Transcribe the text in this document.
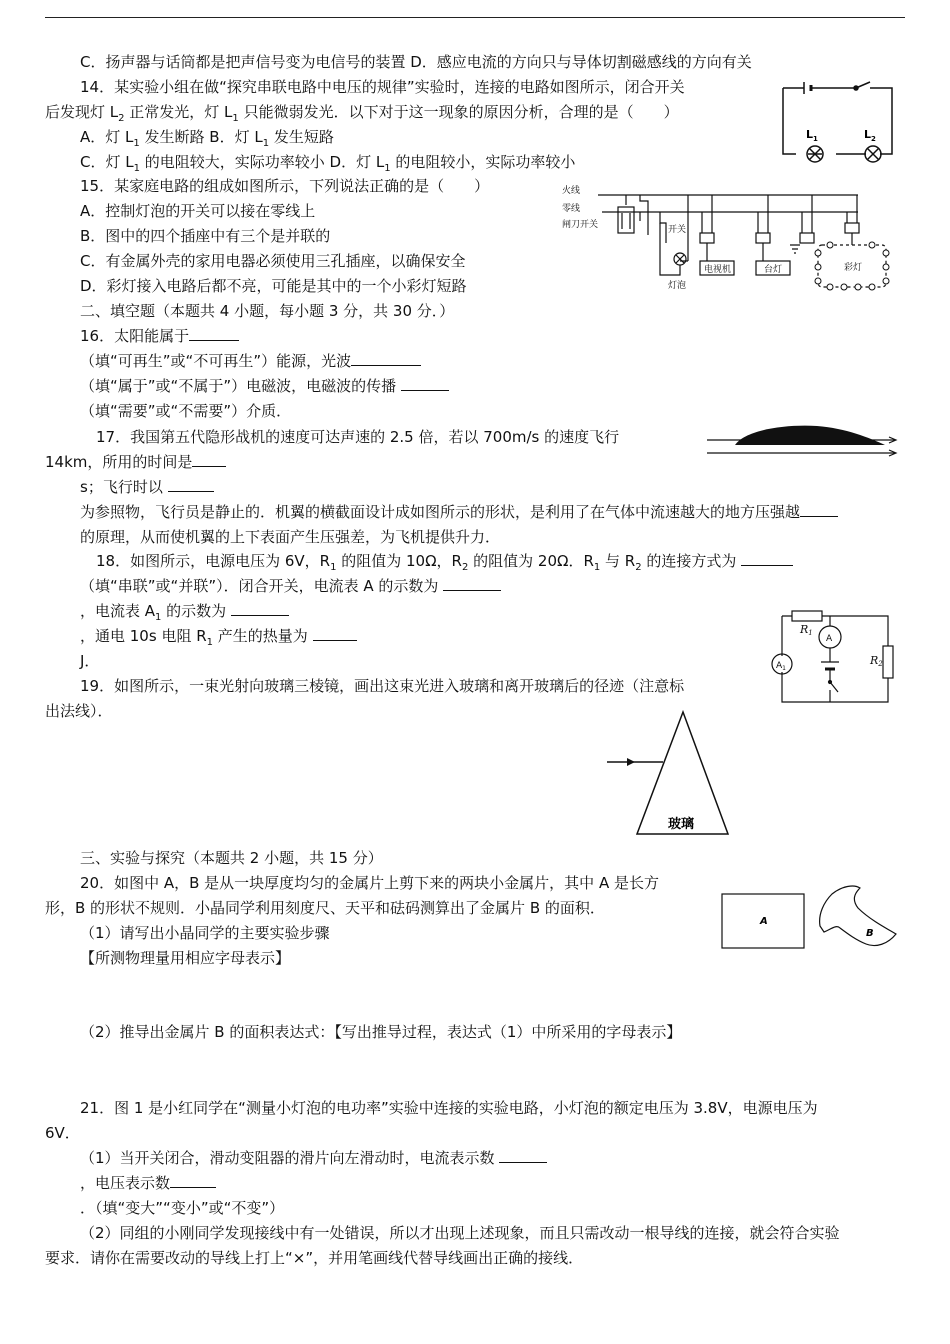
C．扬声器与话筒都是把声信号变为电信号的装置 D．感应电流的方向只与导体切割磁感线的方向有关
14．某实验小组在做“探究串联电路中电压的规律”实验时，连接的电路如图所示，闭合开关
后发现灯 $L_2$ 正常发光，灯 $L_1$ 只能微弱发光．以下对于这一现象的原因分析，合理的是（　　）
A．灯 $L_1$ 发生断路 B．灯 $L_1$ 发生短路
C．灯 $L_1$ 的电阻较大，实际功率较小 D．灯 $L_1$ 的电阻较小，实际功率较小
$L_1$	$L_2$
15．某家庭电路的组成如图所示，下列说法正确的是（　　）
A．控制灯泡的开关可以接在零线上
B．图中的四个插座中有三个是并联的
C．有金属外壳的家用电器必须使用三孔插座，以确保安全
D．彩灯接入电路后都不亮，可能是其中的一个小彩灯短路
火线
零线
闸刀开关	开关
灯泡
电视机	台灯	彩灯
二、填空题（本题共 4 小题，每小题 3 分，共 30 分．）
16．太阳能属于
（填“可再生”或“不可再生”）能源，光波
（填“属于”或“不属于”）电磁波，电磁波的传播
（填“需要”或“不需要”）介质．
17．我国第五代隐形战机的速度可达声速的 2.5 倍，若以 700m/s 的速度飞行
14km，所用的时间是
s；飞行时以
为参照物，飞行员是静止的．机翼的横截面设计成如图所示的形状，是利用了在气体中流速越大的地方压强越
的原理，从而使机翼的上下表面产生压强差，为飞机提供升力．
18．如图所示，电源电压为 6V，$R_1$ 的阻值为 10Ω，$R_2$ 的阻值为 20Ω．$R_1$ 与 $R_2$ 的连接方式为
（填“串联”或“并联”）．闭合开关，电流表 A 的示数为
，电流表 $A_1$ 的示数为
，通电 10s 电阻 $R_1$ 产生的热量为
J．
R1
R2
A
$A_1$
19．如图所示，一束光射向玻璃三棱镜，画出这束光进入玻璃和离开玻璃后的径迹（注意标
出法线）．
玻璃
三、实验与探究（本题共 2 小题，共 15 分）
20．如图中 A，B 是从一块厚度均匀的金属片上剪下来的两块小金属片，其中 A 是长方
形，B 的形状不规则．小晶同学利用刻度尺、天平和砝码测算出了金属片 B 的面积．
（1）请写出小晶同学的主要实验步骤
【所测物理量用相应字母表示】
（2）推导出金属片 B 的面积表达式：【写出推导过程，表达式（1）中所采用的字母表示】
A
B
21．图 1 是小红同学在“测量小灯泡的电功率”实验中连接的实验电路，小灯泡的额定电压为 3.8V，电源电压为
6V．
（1）当开关闭合，滑动变阻器的滑片向左滑动时，电流表示数
，电压表示数
．（填“变大”“变小”或“不变”）
（2）同组的小刚同学发现接线中有一处错误，所以才出现上述现象，而且只需改动一根导线的连接，就会符合实验
要求．请你在需要改动的导线上打上“×”，并用笔画线代替导线画出正确的接线．
